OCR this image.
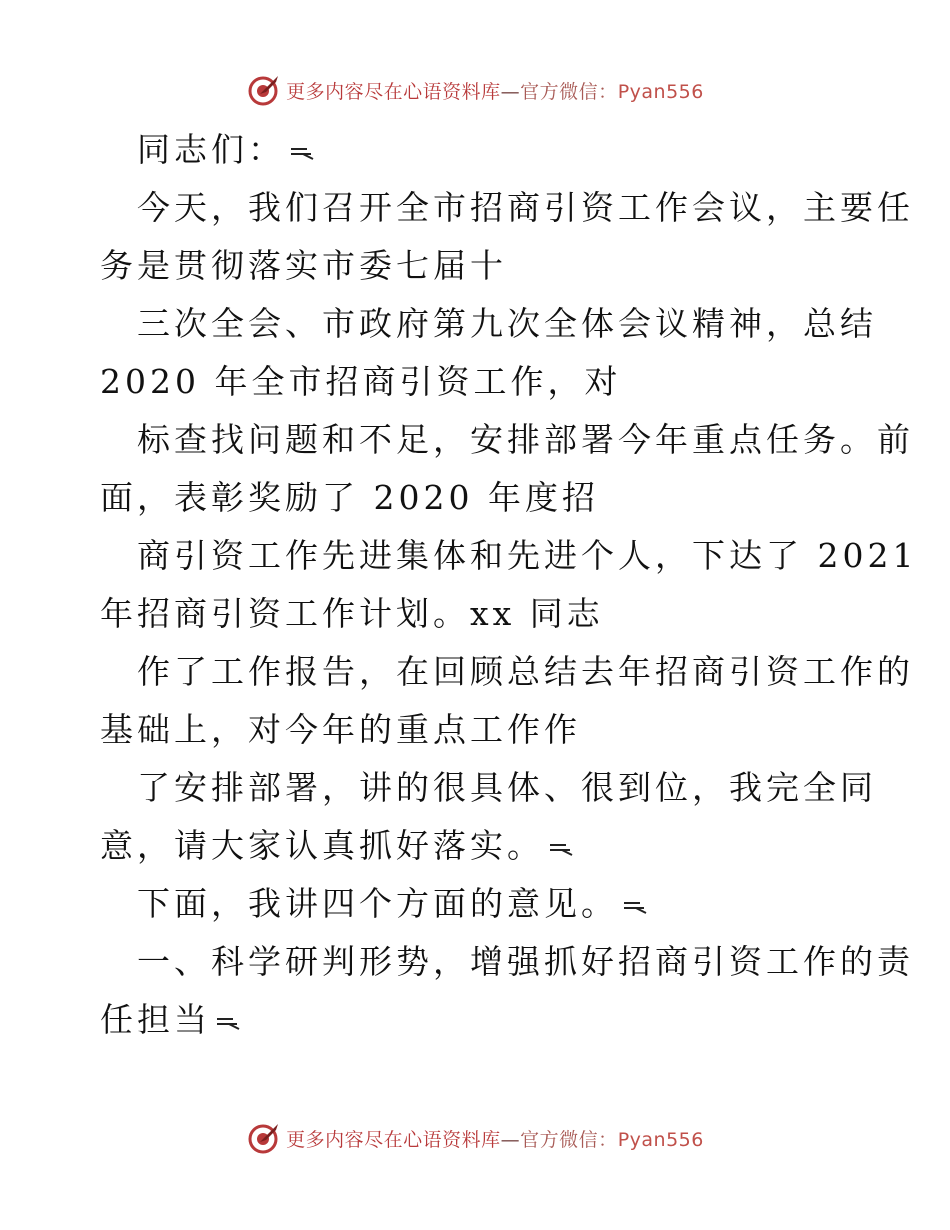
更多内容尽在心语资料库—官方微信：Pyan556
同志们：
今天，我们召开全市招商引资工作会议，主要任
务是贯彻落实市委七届十
三次全会、市政府第九次全体会议精神，总结
2020 年全市招商引资工作，对
标查找问题和不足，安排部署今年重点任务。前
面，表彰奖励了 2020 年度招
商引资工作先进集体和先进个人，下达了 2021
年招商引资工作计划。xx 同志
作了工作报告，在回顾总结去年招商引资工作的
基础上，对今年的重点工作作
了安排部署，讲的很具体、很到位，我完全同
意，请大家认真抓好落实。
下面，我讲四个方面的意见。
一、科学研判形势，增强抓好招商引资工作的责
任担当
更多内容尽在心语资料库—官方微信：Pyan556
